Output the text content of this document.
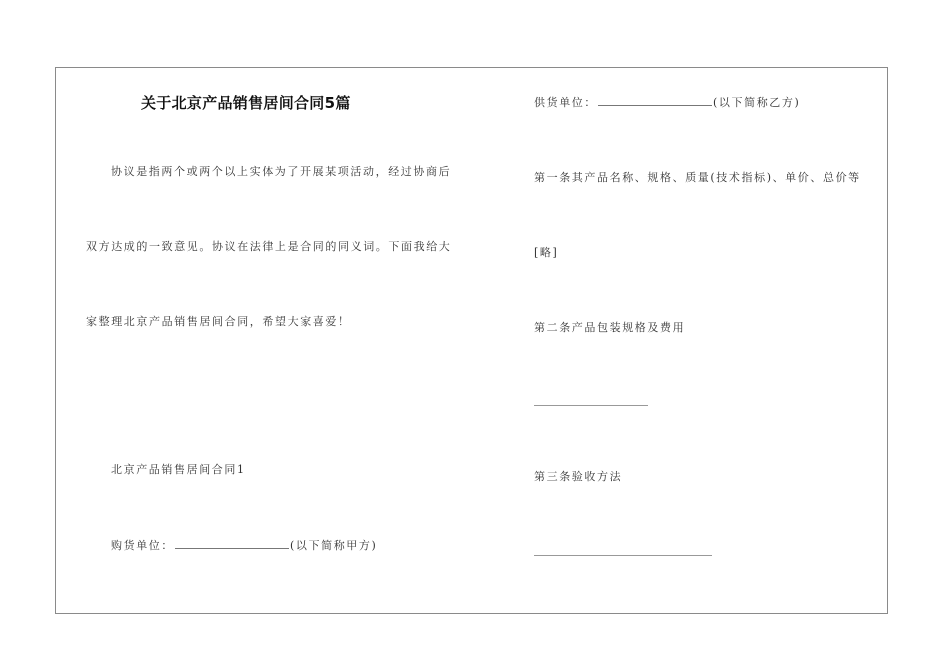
关于北京产品销售居间合同5篇
协议是指两个或两个以上实体为了开展某项活动，经过协商后
双方达成的一致意见。协议在法律上是合同的同义词。下面我给大
家整理北京产品销售居间合同，希望大家喜爱！
北京产品销售居间合同1
购货单位：	(以下简称甲方)
供货单位：	(以下简称乙方)
第一条其产品名称、规格、质量(技术指标)、单价、总价等
[略]
第二条产品包装规格及费用
第三条验收方法
